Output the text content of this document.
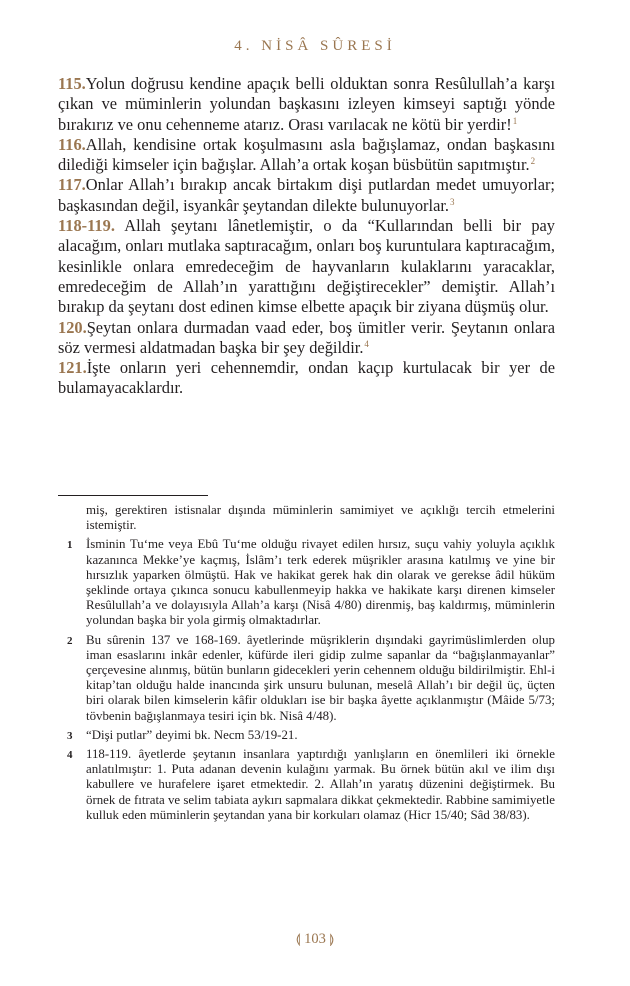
4. NİSÂ SÛRESİ

115.Yolun doğrusu kendine apaçık belli olduktan sonra Resûlullah’a karşı çıkan ve müminlerin yolundan başkasını izleyen kimseyi saptığı yönde bırakırız ve onu cehenneme atarız. Orası varılacak ne kötü bir yerdir!$^1$

116.Allah, kendisine ortak koşulmasını asla bağışlamaz, ondan başkasını dilediği kimseler için bağışlar. Allah’a ortak koşan büsbütün sapıtmıştır.$^2$

117.Onlar Allah’ı bırakıp ancak birtakım dişi putlardan medet umuyorlar; başkasından değil, isyankâr şeytandan dilekte bulunuyorlar.$^3$

118-119. Allah şeytanı lânetlemiştir, o da “Kullarından belli bir pay alacağım, onları mutlaka saptıracağım, onları boş kuruntulara kaptıracağım, kesinlikle onlara emredeceğim de hayvanların kulaklarını yaracaklar, emredeceğim de Allah’ın yarattığını değiştirecekler” demiştir. Allah’ı bırakıp da şeytanı dost edinen kimse elbette apaçık bir ziyana düşmüş olur.

120.Şeytan onlara durmadan vaad eder, boş ümitler verir. Şeytanın onlara söz vermesi aldatmadan başka bir şey değildir.$^4$

121.İşte onların yeri cehennemdir, ondan kaçıp kurtulacak bir yer de bulamayacaklardır.

miş, gerektiren istisnalar dışında müminlerin samimiyet ve açıklığı tercih etmelerini istemiştir.

1 İsminin Tu‘me veya Ebû Tu‘me olduğu rivayet edilen hırsız, suçu vahiy yoluyla açıklık kazanınca Mekke’ye kaçmış, İslâm’ı terk ederek müşrikler arasına katılmış ve yine bir hırsızlık yaparken ölmüştü. Hak ve hakikat gerek hak din olarak ve gerekse âdil hüküm şeklinde ortaya çıkınca sonucu kabullenmeyip hakka ve hakikate karşı direnen kimseler Resûlullah’a ve dolayısıyla Allah’a karşı (Nisâ 4/80) direnmiş, baş kaldırmış, müminlerin yolundan başka bir yola girmiş olmaktadırlar.

2 Bu sûrenin 137 ve 168-169. âyetlerinde müşriklerin dışındaki gayrimüslimlerden olup iman esaslarını inkâr edenler, küfürde ileri gidip zulme sapanlar da “bağışlanmayanlar” çerçevesine alınmış, bütün bunların gidecekleri yerin cehennem olduğu bildirilmiştir. Ehl-i kitap’tan olduğu halde inancında şirk unsuru bulunan, meselâ Allah’ı bir değil üç, üçten biri olarak bilen kimselerin kâfir oldukları ise bir başka âyette açıklanmıştır (Mâide 5/73; tövbenin bağışlanmaya tesiri için bk. Nisâ 4/48).

3 “Dişi putlar” deyimi bk. Necm 53/19-21.

4 118-119. âyetlerde şeytanın insanlara yaptırdığı yanlışların en önemlileri iki örnekle anlatılmıştır: 1. Puta adanan devenin kulağını yarmak. Bu örnek bütün akıl ve ilim dışı kabullere ve hurafelere işaret etmektedir. 2. Allah’ın yaratış düzenini değiştirmek. Bu örnek de fıtrata ve selim tabiata aykırı sapmalara dikkat çekmektedir. Rabbine samimiyetle kulluk eden müminlerin şeytandan yana bir korkuları olamaz (Hicr 15/40; Sâd 38/83).

⟬ 103 ⟭
